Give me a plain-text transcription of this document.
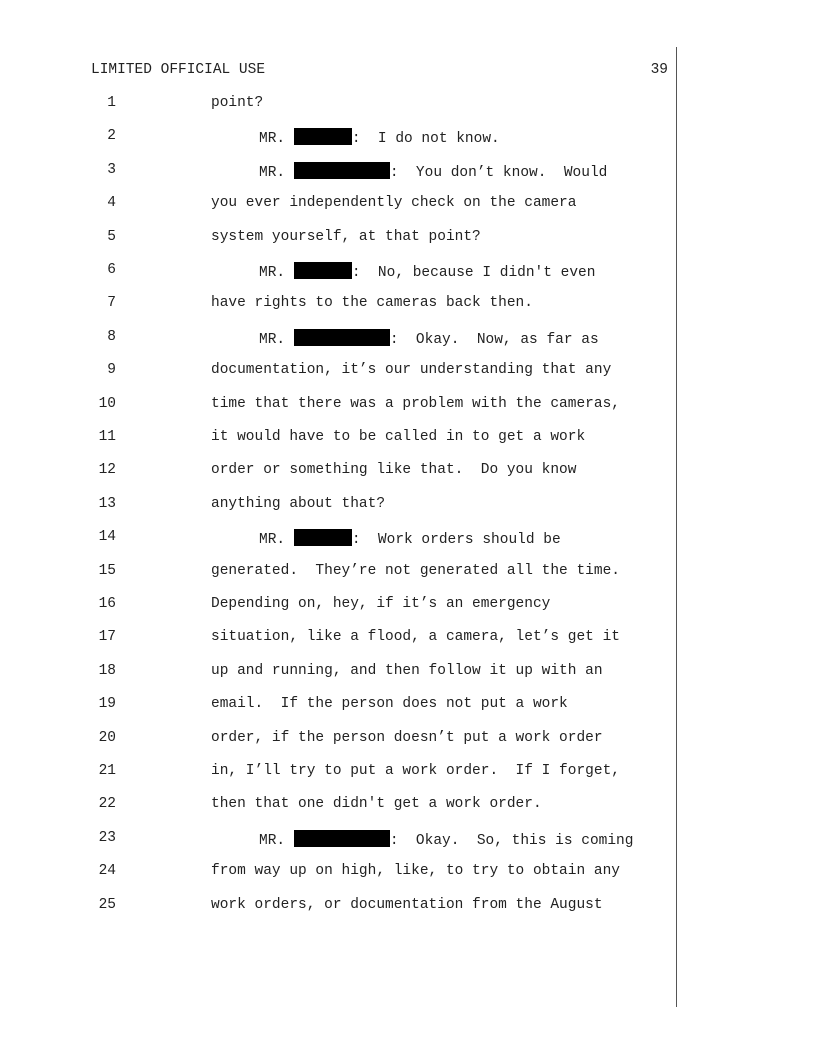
LIMITED OFFICIAL USE	39
1	point?
2	MR.	:  I do not know.
3	MR.	:  You don’t know.  Would
4	you ever independently check on the camera
5	system yourself, at that point?
6	MR.	:  No, because I didn't even
7	have rights to the cameras back then.
8	MR.	:  Okay.  Now, as far as
9	documentation, it’s our understanding that any
10	time that there was a problem with the cameras,
11	it would have to be called in to get a work
12	order or something like that.  Do you know
13	anything about that?
14	MR.	:  Work orders should be
15	generated.  They’re not generated all the time.
16	Depending on, hey, if it’s an emergency
17	situation, like a flood, a camera, let’s get it
18	up and running, and then follow it up with an
19	email.  If the person does not put a work
20	order, if the person doesn’t put a work order
21	in, I’ll try to put a work order.  If I forget,
22	then that one didn't get a work order.
23	MR.	:  Okay.  So, this is coming
24	from way up on high, like, to try to obtain any
25	work orders, or documentation from the August
